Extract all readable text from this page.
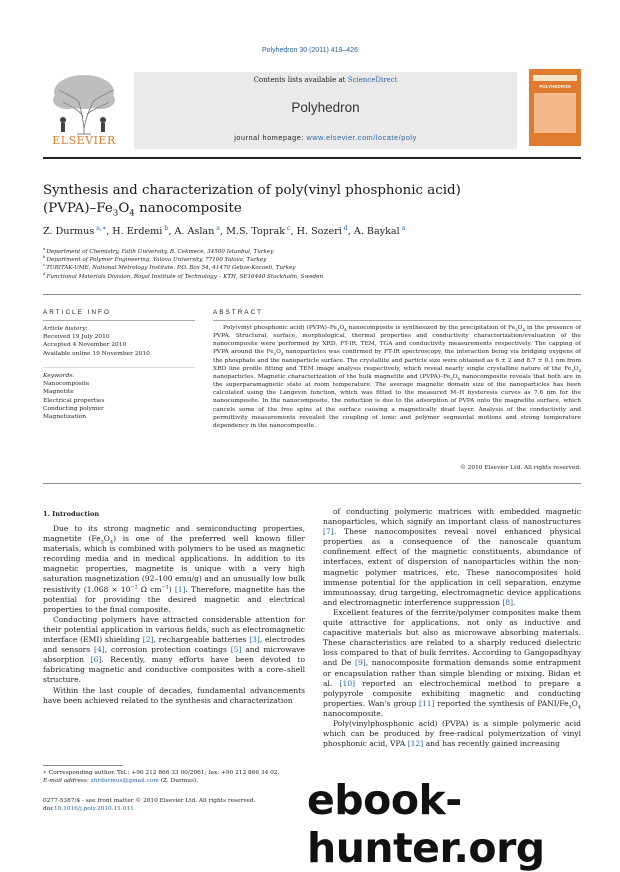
Polyhedron 30 (2011) 419–426
ELSEVIER
Contents lists available at ScienceDirect
Polyhedron
journal homepage: www.elsevier.com/locate/poly
POLYHEDRON
Synthesis and characterization of poly(vinyl phosphonic acid)
$(PVPA)-Fe_3O_4$ nanocomposite
Z. Durmus $^{a,∗}$, H. Erdemi $^b$, A. Aslan $^a$, M.S. Toprak $^c$, H. Sozeri $^d$, A. Baykal $^a$
$^a$ Department of Chemistry, Fatih University, B. Cekmece, 34500 Istanbul, Turkey
$^b$ Department of Polymer Engineering, Yalova University, 77100 Yalova, Turkey
$^c$ TUBITAK-UME, National Metrology Institute, P.O. Box 54, 41470 Gebze-Kocaeli, Turkey
$^d$ Functional Materials Division, Royal Institute of Technology – KTH, SE16440 Stockholm, Sweden
ARTICLE INFO	ABSTRACT
Article history:
Received 19 July 2010
Accepted 4 November 2010
Available online 19 November 2010
Keywords:
Nanocomposite
Magnetite
Electrical properties
Conducting polymer
Magnetization
Poly(vinyl phosphonic acid) $(PVPA)-Fe_3O_4$ nanocomposite is synthesized by the precipitation of $Fe_3O_4$ in the presence of PVPA. Structural, surface, morphological, thermal properties and conductivity characterization/evaluation of the nanocomposite were performed by XRD, FT-IR, TEM, TGA and conductivity measurements respectively. The capping of PVPA around the $Fe_3O_4$ nanoparticles was confirmed by FT-IR spectroscopy, the interaction being via bridging oxygens of the phosphate and the nanoparticle surface. The crystallite and particle size were obtained as 6 ± 2 and 8.7 ± 0.1 nm from XRD line profile fitting and TEM image analysis respectively, which reveal nearly single crystalline nature of the $Fe_3O_4$ nanoparticles. Magnetic characterization of the bulk magnetite and $(PVPA)-Fe_3O_4$ nanocomposite reveals that both are in the superparamagnetic state at room temperature. The average magnetic domain size of the nanoparticles has been calculated using the Langevin function, which was fitted to the measured M–H hysteresis curves as 7.6 nm for the nanocomposite. In the nanocomposite, the reduction is due to the adsorption of PVPA onto the magnetite surface, which cancels some of the free spins at the surface causing a magnetically dead layer. Analysis of the conductivity and permittivity measurements revealed the coupling of ionic and polymer segmental motions and strong temperature dependency in the nanocomposite.
© 2010 Elsevier Ltd. All rights reserved.
1. Introduction

Due to its strong magnetic and semiconducting properties, magnetite $(Fe_3O_4)$ is one of the preferred well known filler materials, which is combined with polymers to be used as magnetic recording media and in medical applications. In addition to its magnetic properties, magnetite is unique with a very high saturation magnetization (92–100 emu/g) and an unusually low bulk resistivity ($1.068 \times 10^{-2}$ Ω $cm^{-1}$) [1]. Therefore, magnetite has the potential for providing the desired magnetic and electrical properties to the final composite.

Conducting polymers have attracted considerable attention for their potential application in various fields, such as electromagnetic interface (EMI) shielding [2], rechargeable batteries [3], electrodes and sensors [4], corrosion protection coatings [5] and microwave absorption [6]. Recently, many efforts have been devoted to fabricating magnetic and conductive composites with a core–shell structure.

Within the last couple of decades, fundamental advancements have been achieved related to the synthesis and characterization

of conducting polymeric matrices with embedded magnetic nanoparticles, which signify an important class of nanostructures [7]. These nanocomposites reveal novel enhanced physical properties as a consequence of the nanoscale quantum confinement effect of the magnetic constituents, abundance of interfaces, extent of dispersion of nanoparticles within the non-magnetic polymer matrices, etc. These nanocomposites hold immense potential for the application in cell separation, enzyme immunoassay, drug targeting, electromagnetic device applications and electromagnetic interference suppression [8].

Excellent features of the ferrite/polymer composites make them quite attractive for applications, not only as inductive and capacitive materials but also as microwave absorbing materials. These characteristics are related to a sharply reduced dielectric loss compared to that of bulk ferrites. According to Gangopadhyay and De [9], nanocomposite formation demands some entrapment or encapsulation rather than simple blending or mixing. Bidan et al. [10] reported an electrochemical method to prepare a polypyrole composite exhibiting magnetic and conducting properties. Wan’s group [11] reported the synthesis of PANI/$Fe_3O_4$ nanocomposite.

Poly(vinylphosphonic acid) (PVPA) is a simple polymeric acid which can be produced by free-radical polymerization of vinyl phosphonic acid, VPA [12] and has recently gained increasing

∗ Corresponding author. Tel.: +90 212 866 33 00/2061; fax: +90 212 866 34 02.
E-mail address: zhrdurmus@gmail.com (Z. Durmus).
0277-5387/$ - see front matter © 2010 Elsevier Ltd. All rights reserved.
doi:10.1016/j.poly.2010.11.011	ebook-hunter.org
